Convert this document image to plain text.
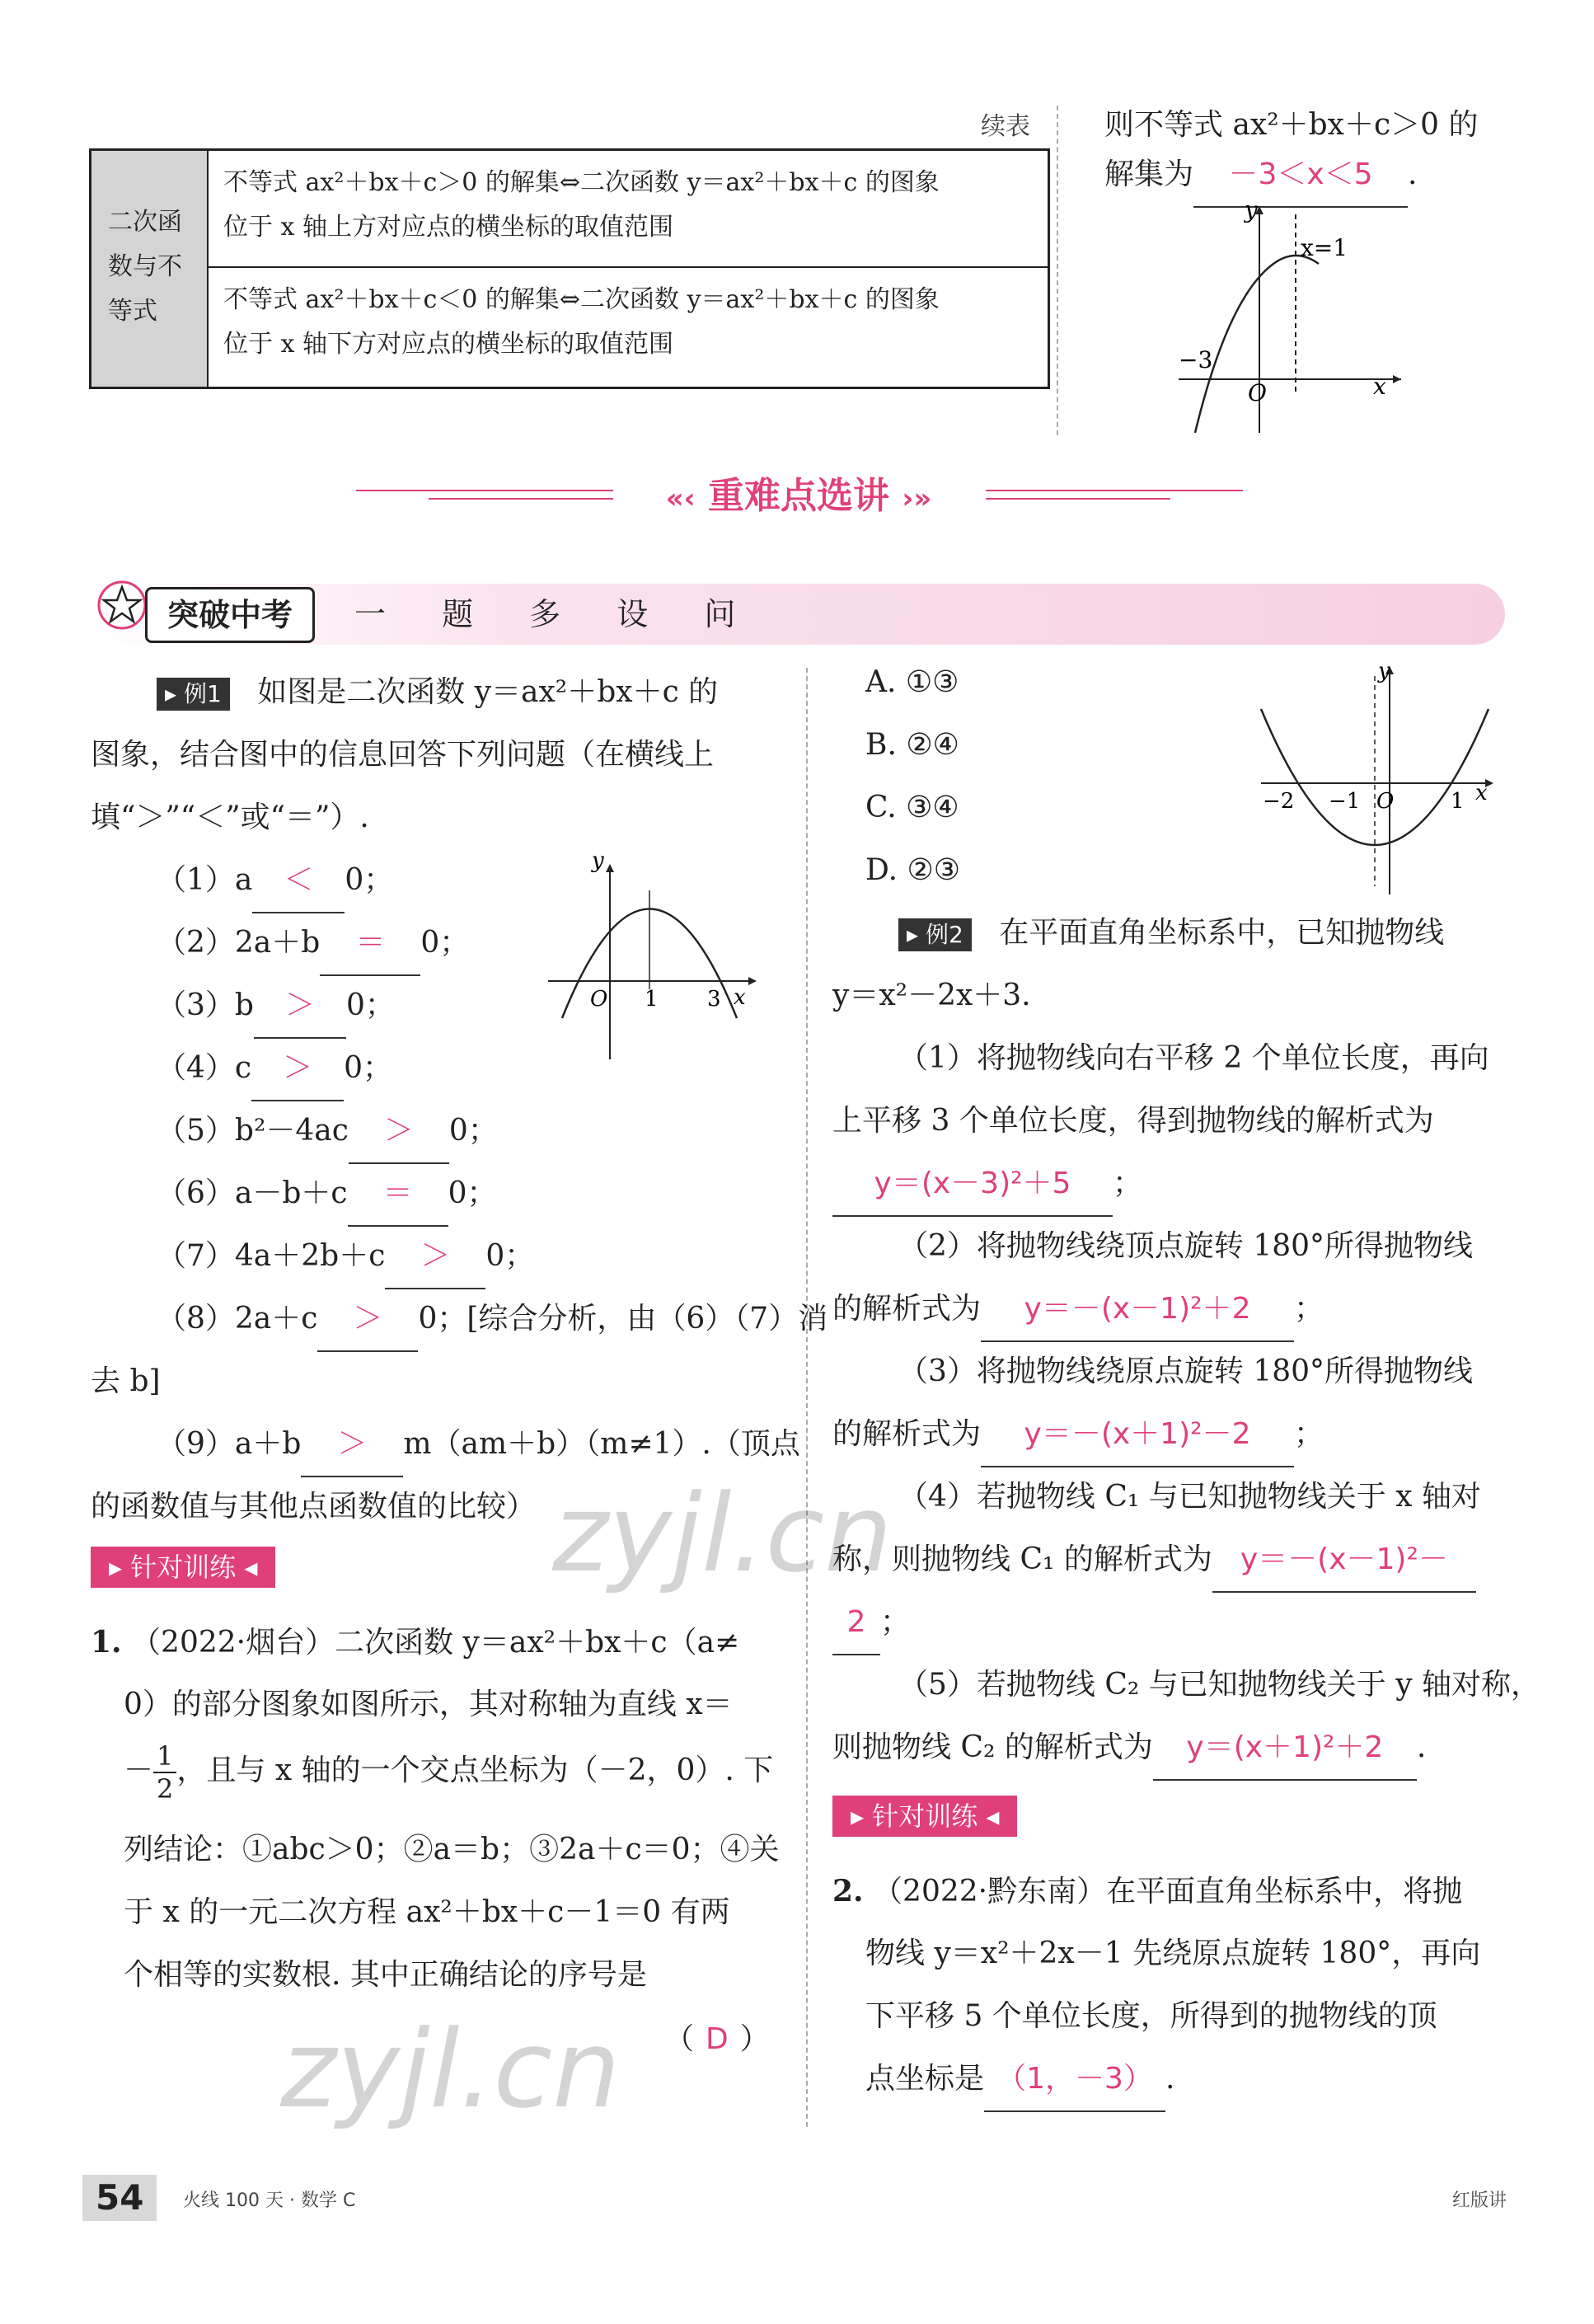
续表
二次函
数与不
等式
不等式 ax²＋bx＋c＞0 的解集⇔二次函数 y＝ax²＋bx＋c 的图象
位于 x 轴上方对应点的横坐标的取值范围
不等式 ax²＋bx＋c＜0 的解集⇔二次函数 y＝ax²＋bx＋c 的图象
位于 x 轴下方对应点的横坐标的取值范围
则不等式 ax²＋bx＋c＞0 的
解集为 －3＜x＜5 .
y
x
O
−3
x=1
«‹ 重难点选讲 ›»
突破中考	一 题 多 设 问
▸ 例1 如图是二次函数 y＝ax²＋bx＋c 的
图象，结合图中的信息回答下列问题（在横线上
填“＞”“＜”或“＝”）.
（1）a ＜ 0；
（2）2a＋b ＝ 0；
（3）b ＞ 0；
（4）c ＞ 0；
（5）b²－4ac ＞ 0；
（6）a－b＋c ＝ 0；
（7）4a＋2b＋c ＞ 0；
（8）2a＋c ＞ 0；[综合分析，由（6）（7）消
去 b]
（9）a＋b ＞ m（am＋b）（m≠1）.（顶点
的函数值与其他点函数值的比较）
y
x
O 1 3
▸ 针对训练 ◂
1. （2022·烟台）二次函数 y＝ax²＋bx＋c（a≠
0）的部分图象如图所示，其对称轴为直线 x＝
－ $\frac{1}{2}$ ，且与 x 轴的一个交点坐标为（－2，0）. 下
列结论：①abc＞0；②a＝b；③2a＋c＝0；④关
于 x 的一元二次方程 ax²＋bx＋c－1＝0 有两
个相等的实数根. 其中正确结论的序号是
（ D ）
A. ①③
B. ②④
C. ③④
D. ②③
y
x
O
−2 −1	1
▸ 例2 在平面直角坐标系中，已知抛物线
y＝x²－2x＋3.
（1）将抛物线向右平移 2 个单位长度，再向
上平移 3 个单位长度，得到抛物线的解析式为
y＝(x－3)²＋5 ；
（2）将抛物线绕顶点旋转 180°所得抛物线
的解析式为 y＝－(x－1)²＋2 ；
（3）将抛物线绕原点旋转 180°所得抛物线
的解析式为 y＝－(x＋1)²－2 ；
（4）若抛物线 C₁ 与已知抛物线关于 x 轴对
称，则抛物线 C₁ 的解析式为 y＝－(x－1)²－
2 ；
（5）若抛物线 C₂ 与已知抛物线关于 y 轴对称，
则抛物线 C₂ 的解析式为 y＝(x＋1)²＋2 .
▸ 针对训练 ◂
2. （2022·黔东南）在平面直角坐标系中，将抛
物线 y＝x²＋2x－1 先绕原点旋转 180°，再向
下平移 5 个单位长度，所得到的抛物线的顶
点坐标是 （1，－3） .
zyjl.cn
zyjl.cn
54	火线 100 天 · 数学 C	红版讲
